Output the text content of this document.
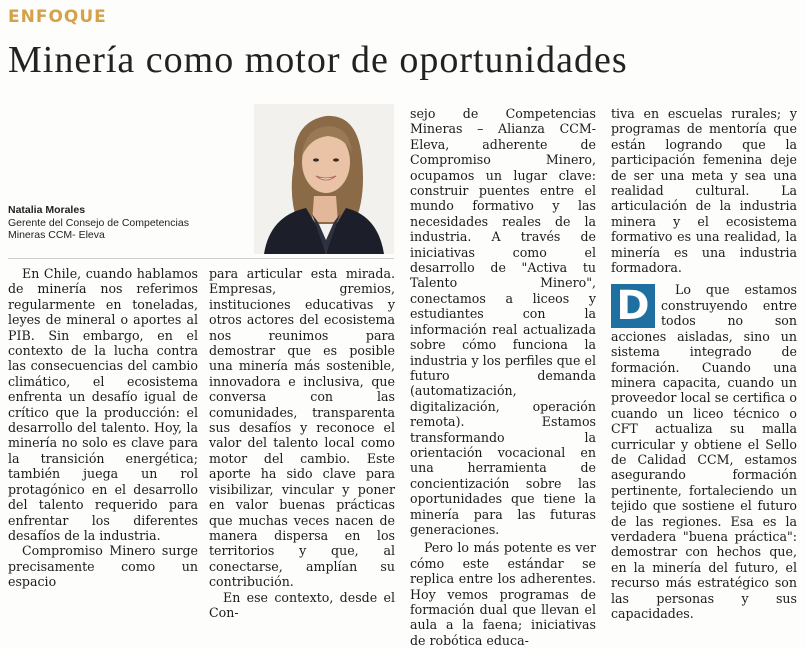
ENFOQUE
Minería como motor de oportunidades
Natalia Morales
Gerente del Consejo de Competencias Mineras CCM- Eleva

En Chile, cuando hablamos de minería nos referimos regularmente en toneladas, leyes de mineral o aportes al PIB. Sin embargo, en el contexto de la lucha contra las consecuencias del cambio climático, el ecosistema enfrenta un desafío igual de crítico que la producción: el desarrollo del talento. Hoy, la minería no solo es clave para la transición energética; también juega un rol protagónico en el desarrollo del talento requerido para enfrentar los diferentes desafíos de la industria.

Compromiso Minero surge precisamente como un espacio

para articular esta mirada. Empresas, gremios, instituciones educativas y otros actores del ecosistema nos reunimos para demostrar que es posible una minería más sostenible, innovadora e inclusiva, que conversa con las comunidades, transparenta sus desafíos y reconoce el valor del talento local como motor del cambio. Este aporte ha sido clave para visibilizar, vincular y poner en valor buenas prácticas que muchas veces nacen de manera dispersa en los territorios y que, al conectarse, amplían su contribución.

En ese contexto, desde el Con-

sejo de Competencias Mineras – Alianza CCM-Eleva, adherente de Compromiso Minero, ocupamos un lugar clave: construir puentes entre el mundo formativo y las necesidades reales de la industria. A través de iniciativas como el desarrollo de "Activa tu Talento Minero", conectamos a liceos y estudiantes con la información real actualizada sobre cómo funciona la industria y los perfiles que el futuro demanda (automatización, digitalización, operación remota). Estamos transformando la orientación vocacional en una herramienta de concientización sobre las oportunidades que tiene la minería para las futuras generaciones.

Pero lo más potente es ver cómo este estándar se replica entre los adherentes. Hoy vemos programas de formación dual que llevan el aula a la faena; iniciativas de robótica educa-

tiva en escuelas rurales; y programas de mentoría que están logrando que la participación femenina deje de ser una meta y sea una realidad cultural. La articulación de la industria minera y el ecosistema formativo es una realidad, la minería es una industria formadora.

D	Lo que estamos construyendo entre todos no son acciones aisladas, sino un sistema integrado de formación. Cuando una minera capacita, cuando un proveedor local se certifica o cuando un liceo técnico o CFT actualiza su malla curricular y obtiene el Sello de Calidad CCM, estamos asegurando formación pertinente, fortaleciendo un tejido que sostiene el futuro de las regiones. Esa es la verdadera "buena práctica": demostrar con hechos que, en la minería del futuro, el recurso más estratégico son las personas y sus capacidades.
